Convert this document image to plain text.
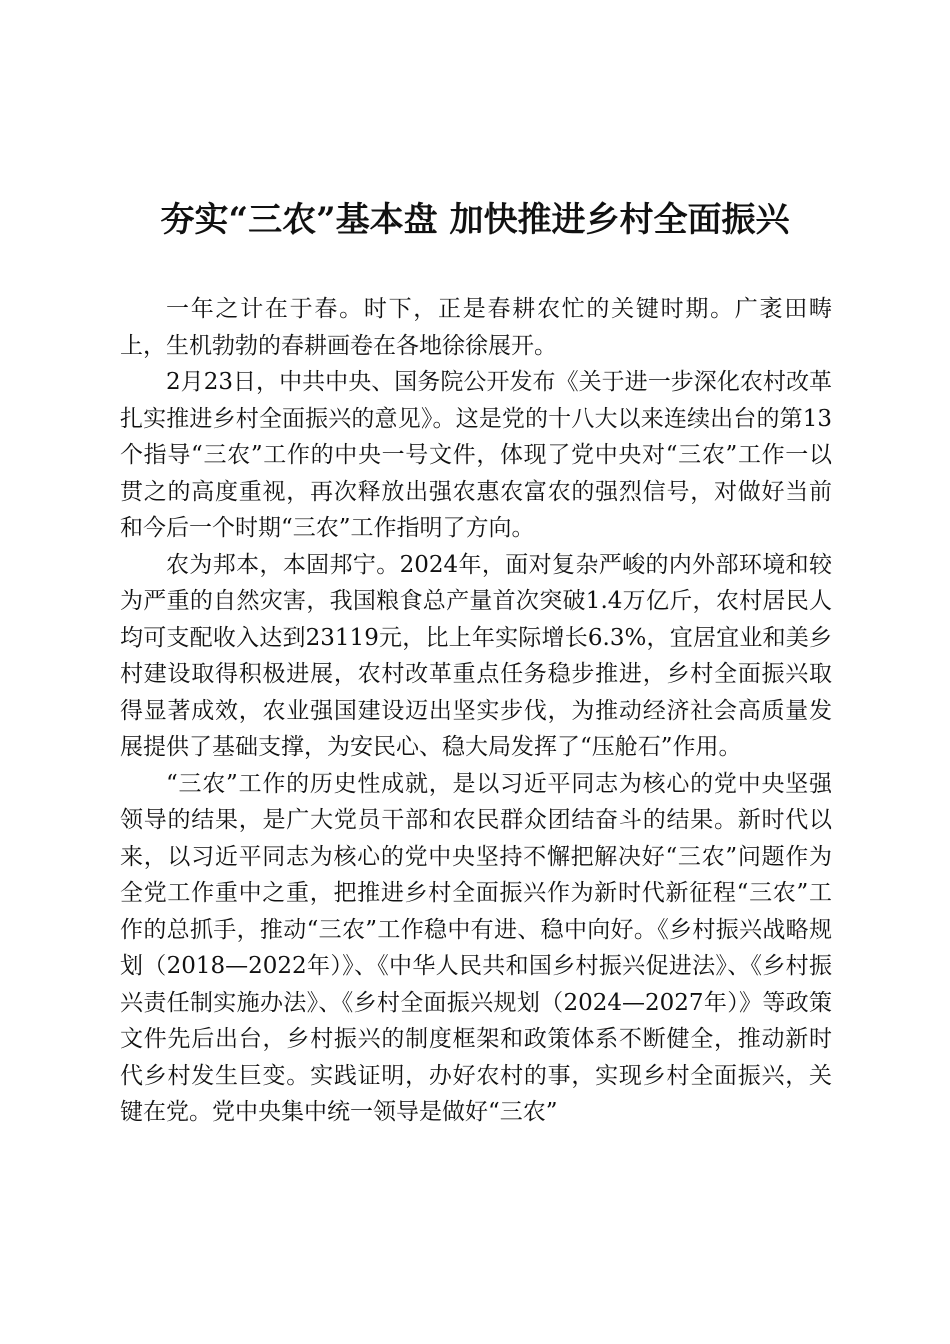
夯实“三农”基本盘 加快推进乡村全面振兴

一年之计在于春。时下，正是春耕农忙的关键时期。广袤田畴上，生机勃勃的春耕画卷在各地徐徐展开。

2月23日，中共中央、国务院公开发布《关于进一步深化农村改革 扎实推进乡村全面振兴的意见》。这是党的十八大以来连续出台的第13个指导“三农”工作的中央一号文件，体现了党中央对“三农”工作一以贯之的高度重视，再次释放出强农惠农富农的强烈信号，对做好当前和今后一个时期“三农”工作指明了方向。

农为邦本，本固邦宁。2024年，面对复杂严峻的内外部环境和较为严重的自然灾害，我国粮食总产量首次突破1.4万亿斤，农村居民人均可支配收入达到23119元，比上年实际增长6.3%，宜居宜业和美乡村建设取得积极进展，农村改革重点任务稳步推进，乡村全面振兴取得显著成效，农业强国建设迈出坚实步伐，为推动经济社会高质量发展提供了基础支撑，为安民心、稳大局发挥了“压舱石”作用。

“三农”工作的历史性成就，是以习近平同志为核心的党中央坚强领导的结果，是广大党员干部和农民群众团结奋斗的结果。新时代以来，以习近平同志为核心的党中央坚持不懈把解决好“三农”问题作为全党工作重中之重，把推进乡村全面振兴作为新时代新征程“三农”工作的总抓手，推动“三农”工作稳中有进、稳中向好。《乡村振兴战略规划（2018—2022年）》、《中华人民共和国乡村振兴促进法》、《乡村振兴责任制实施办法》、《乡村全面振兴规划（2024—2027年）》等政策文件先后出台，乡村振兴的制度框架和政策体系不断健全，推动新时代乡村发生巨变。实践证明，办好农村的事，实现乡村全面振兴，关键在党。党中央集中统一领导是做好“三农”
